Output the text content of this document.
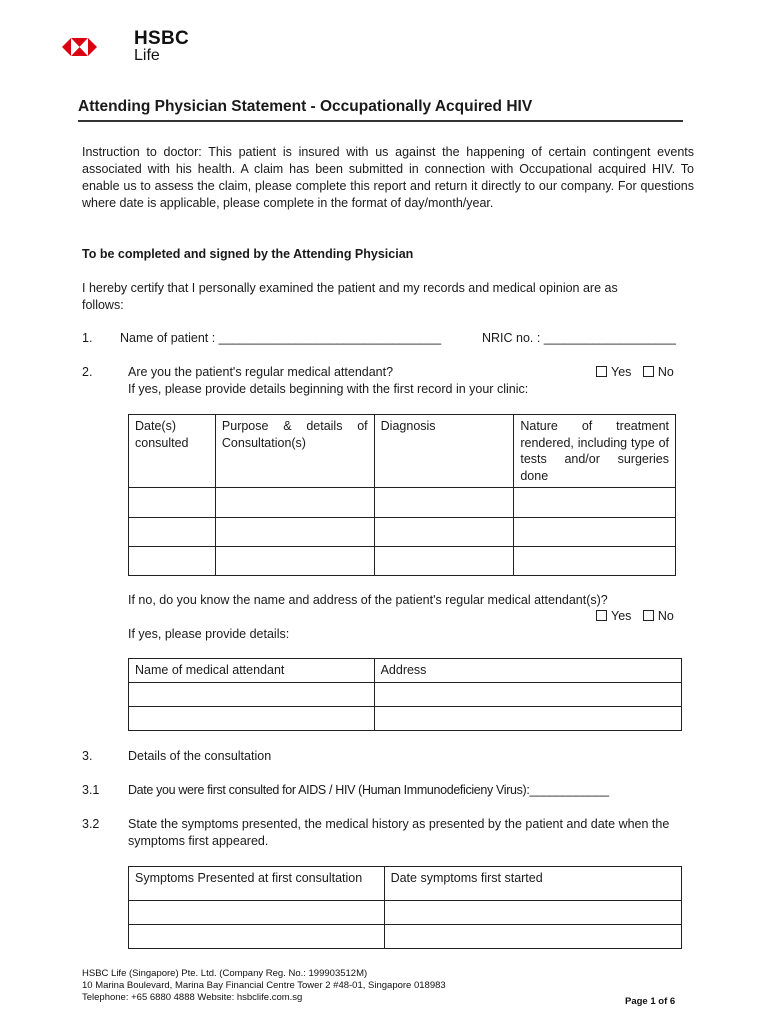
HSBC
Life
Attending Physician Statement - Occupationally Acquired HIV
Instruction to doctor: This patient is insured with us against the happening of certain contingent events associated with his health. A claim has been submitted in connection with Occupational acquired HIV. To enable us to assess the claim, please complete this report and return it directly to our company. For questions where date is applicable, please complete in the format of day/month/year.
To be completed and signed by the Attending Physician
I hereby certify that I personally examined the patient and my records and medical opinion are as follows:
1. Name of patient : ________________________________	NRIC no. : ___________________
2.	Are you the patient's regular medical attendant?	Yes No
If yes, please provide details beginning with the first record in your clinic:
Date(s) consulted	Purpose & details of Consultation(s)	Diagnosis	Nature of treatment rendered, including type of tests and/or surgeries done

If no, do you know the name and address of the patient's regular medical attendant(s)?
Yes No
If yes, please provide details:
Name of medical attendant	Address

3.	Details of the consultation
3.1 Date you were first consulted for AIDS / HIV (Human Immunodeficieny Virus):____________
3.2 State the symptoms presented, the medical history as presented by the patient and date when the symptoms first appeared.
Symptoms Presented at first consultation	Date symptoms first started

HSBC Life (Singapore) Pte. Ltd. (Company Reg. No.: 199903512M)
10 Marina Boulevard, Marina Bay Financial Centre Tower 2 #48-01, Singapore 018983
Telephone: +65 6880 4888 Website: hsbclife.com.sg	Page 1 of 6
